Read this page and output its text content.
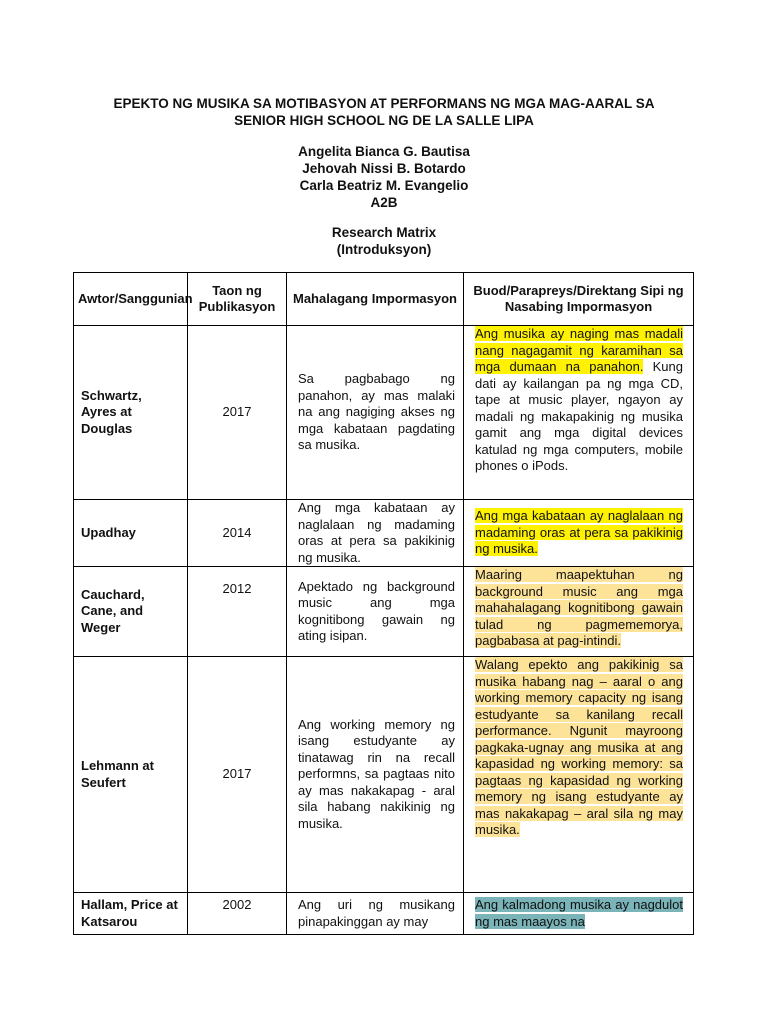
EPEKTO NG MUSIKA SA MOTIBASYON AT PERFORMANS NG MGA MAG-AARAL SA
SENIOR HIGH SCHOOL NG DE LA SALLE LIPA
Angelita Bianca G. Bautisa
Jehovah Nissi B. Botardo
Carla Beatriz M. Evangelio
A2B
Research Matrix
(Introduksyon)
Awtor/Sanggunian	Taon ng Publikasyon	Mahalagang Impormasyon	Buod/Parapreys/Direktang Sipi ng Nasabing Impormasyon
Schwartz, Ayres at Douglas	2017	Sa pagbabago ng panahon, ay mas malaki na ang nagiging akses ng mga kabataan pagdating sa musika.	Ang musika ay naging mas madali nang nagagamit ng karamihan sa mga dumaan na panahon. Kung dati ay kailangan pa ng mga CD, tape at music player, ngayon ay madali ng makapakinig ng musika gamit ang mga digital devices katulad ng mga computers, mobile phones o iPods.
Upadhay	2014	Ang mga kabataan ay naglalaan ng madaming oras at pera sa pakikinig ng musika.	Ang mga kabataan ay naglalaan ng madaming oras at pera sa pakikinig ng musika.
Cauchard, Cane, and Weger	2012	Apektado ng background music ang mga kognitibong gawain ng ating isipan.	Maaring maapektuhan ng background music ang mga mahahalagang kognitibong gawain tulad ng pagmememorya, pagbabasa at pag-intindi.
Lehmann at Seufert	2017	Ang working memory ng isang estudyante ay tinatawag rin na recall performns, sa pagtaas nito ay mas nakakapag - aral sila habang nakikinig ng musika.	Walang epekto ang pakikinig sa musika habang nag – aaral o ang working memory capacity ng isang estudyante sa kanilang recall performance. Ngunit mayroong pagkaka-ugnay ang musika at ang kapasidad ng working memory: sa pagtaas ng kapasidad ng working memory ng isang estudyante ay mas nakakapag – aral sila ng may musika.
Hallam, Price at Katsarou	2002	Ang uri ng musikang pinapakinggan ay may	Ang kalmadong musika ay nagdulot ng mas maayos na
